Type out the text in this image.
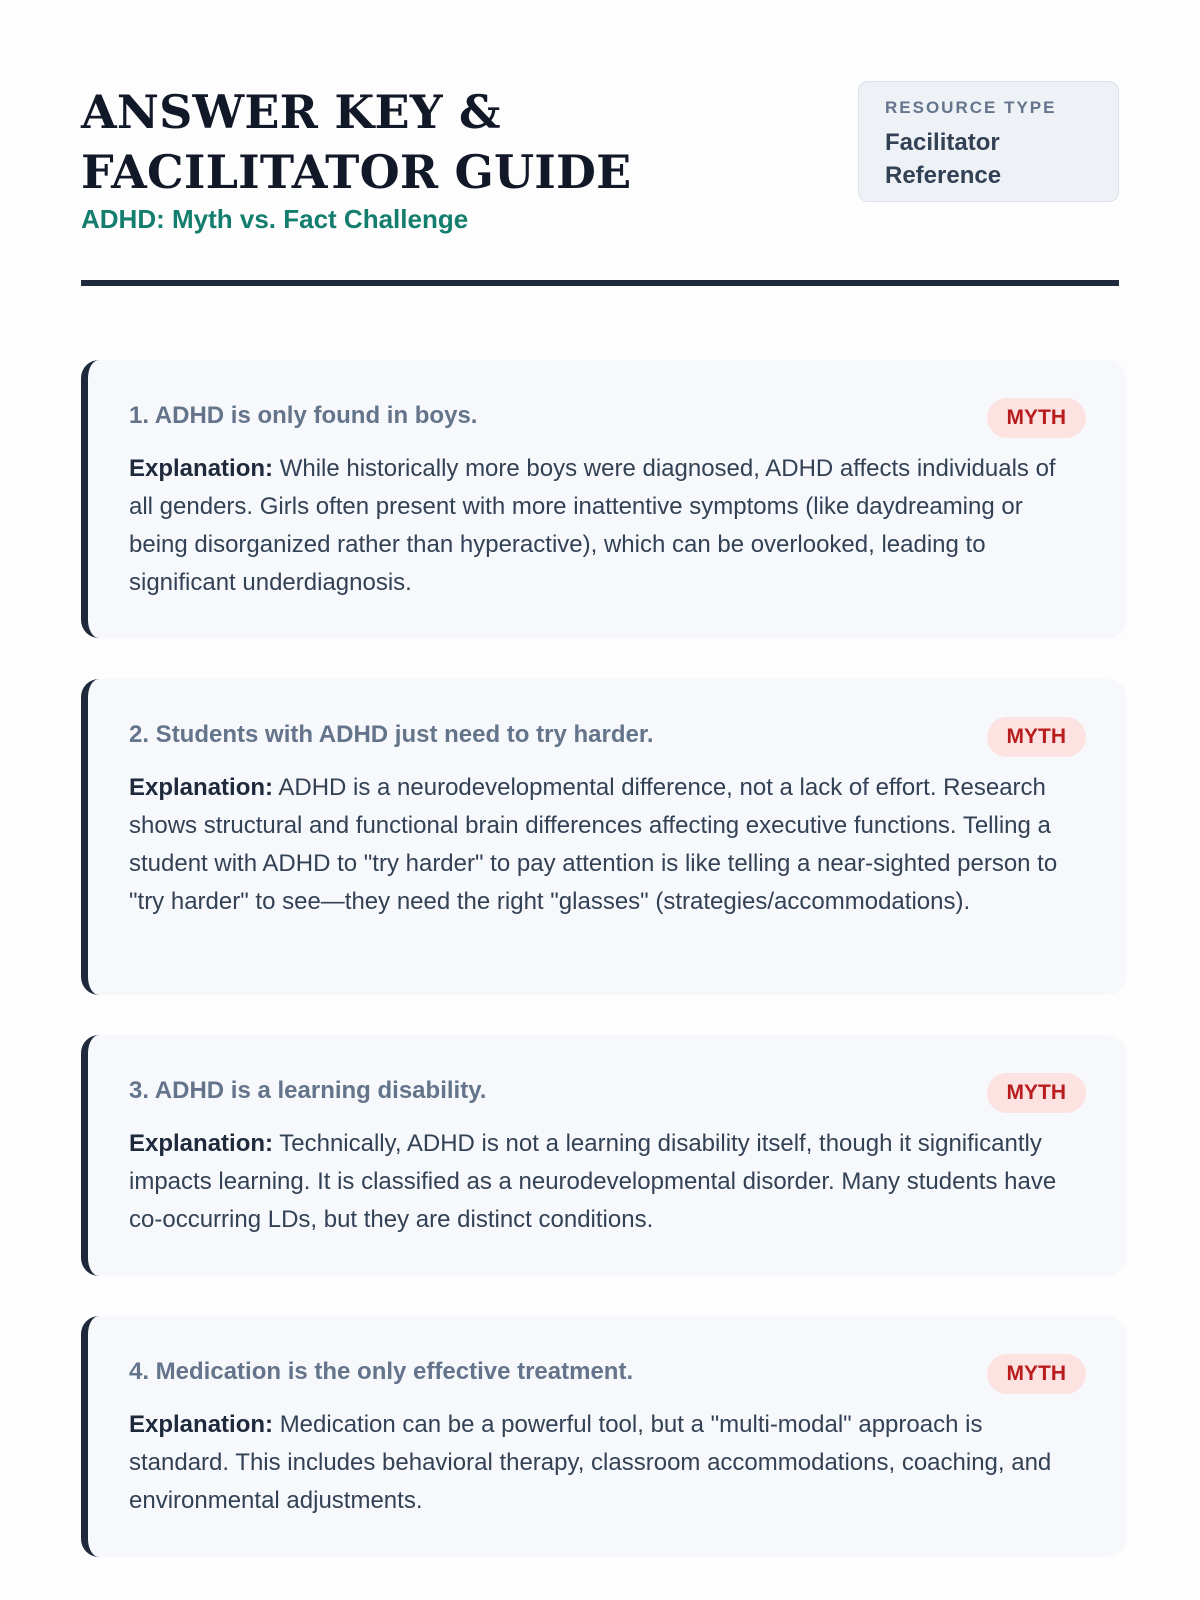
ANSWER KEY & FACILITATOR GUIDE
ADHD: Myth vs. Fact Challenge
RESOURCE TYPE
Facilitator Reference
1. ADHD is only found in boys.	MYTH

Explanation: While historically more boys were diagnosed, ADHD affects individuals of all genders. Girls often present with more inattentive symptoms (like daydreaming or being disorganized rather than hyperactive), which can be overlooked, leading to significant underdiagnosis.

2. Students with ADHD just need to try harder.	MYTH

Explanation: ADHD is a neurodevelopmental difference, not a lack of effort. Research shows structural and functional brain differences affecting executive functions. Telling a student with ADHD to "try harder" to pay attention is like telling a near-sighted person to "try harder" to see—they need the right "glasses" (strategies/accommodations).

3. ADHD is a learning disability.	MYTH

Explanation: Technically, ADHD is not a learning disability itself, though it significantly impacts learning. It is classified as a neurodevelopmental disorder. Many students have co-occurring LDs, but they are distinct conditions.

4. Medication is the only effective treatment.	MYTH

Explanation: Medication can be a powerful tool, but a "multi-modal" approach is standard. This includes behavioral therapy, classroom accommodations, coaching, and environmental adjustments.
